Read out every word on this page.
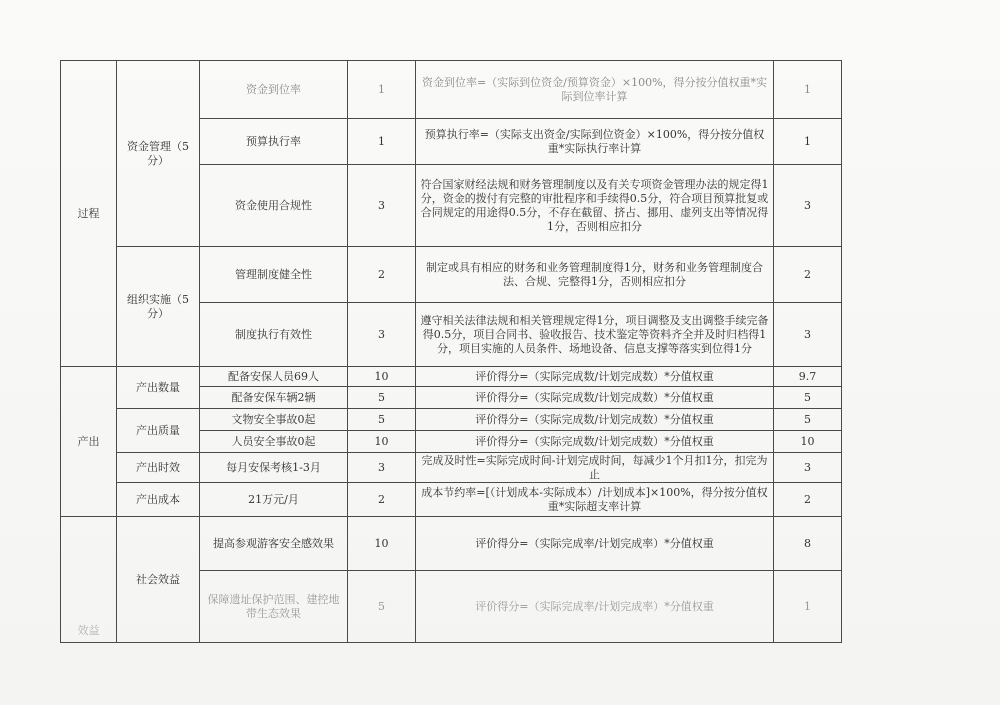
过程	资金管理（5分）	资金到位率	1	资金到位率=（实际到位资金/预算资金）×100%，得分按分值权重*实际到位率计算	1
		预算执行率	1	预算执行率=（实际支出资金/实际到位资金）×100%，得分按分值权重*实际执行率计算	1
		资金使用合规性	3	符合国家财经法规和财务管理制度以及有关专项资金管理办法的规定得1分，资金的拨付有完整的审批程序和手续得0.5分，符合项目预算批复或合同规定的用途得0.5分，不存在截留、挤占、挪用、虚列支出等情况得1分，否则相应扣分	3
	组织实施（5分）	管理制度健全性	2	制定或具有相应的财务和业务管理制度得1分，财务和业务管理制度合法、合规、完整得1分，否则相应扣分	2
		制度执行有效性	3	遵守相关法律法规和相关管理规定得1分，项目调整及支出调整手续完备得0.5分，项目合同书、验收报告、技术鉴定等资料齐全并及时归档得1分，项目实施的人员条件、场地设备、信息支撑等落实到位得1分	3
产出	产出数量	配备安保人员69人	10	评价得分=（实际完成数/计划完成数）*分值权重	9.7
		配备安保车辆2辆	5	评价得分=（实际完成数/计划完成数）*分值权重	5
	产出质量	文物安全事故0起	5	评价得分=（实际完成数/计划完成数）*分值权重	5
		人员安全事故0起	10	评价得分=（实际完成数/计划完成数）*分值权重	10
	产出时效	每月安保考核1-3月	3	完成及时性=实际完成时间-计划完成时间，每减少1个月扣1分，扣完为止	3
	产出成本	21万元/月	2	成本节约率=[（计划成本-实际成本）/计划成本]×100%，得分按分值权重*实际超支率计算	2
效益	社会效益	提高参观游客安全感效果	10	评价得分=（实际完成率/计划完成率）*分值权重	8
		保障遗址保护范围、建控地带生态效果	5	评价得分=（实际完成率/计划完成率）*分值权重	1
